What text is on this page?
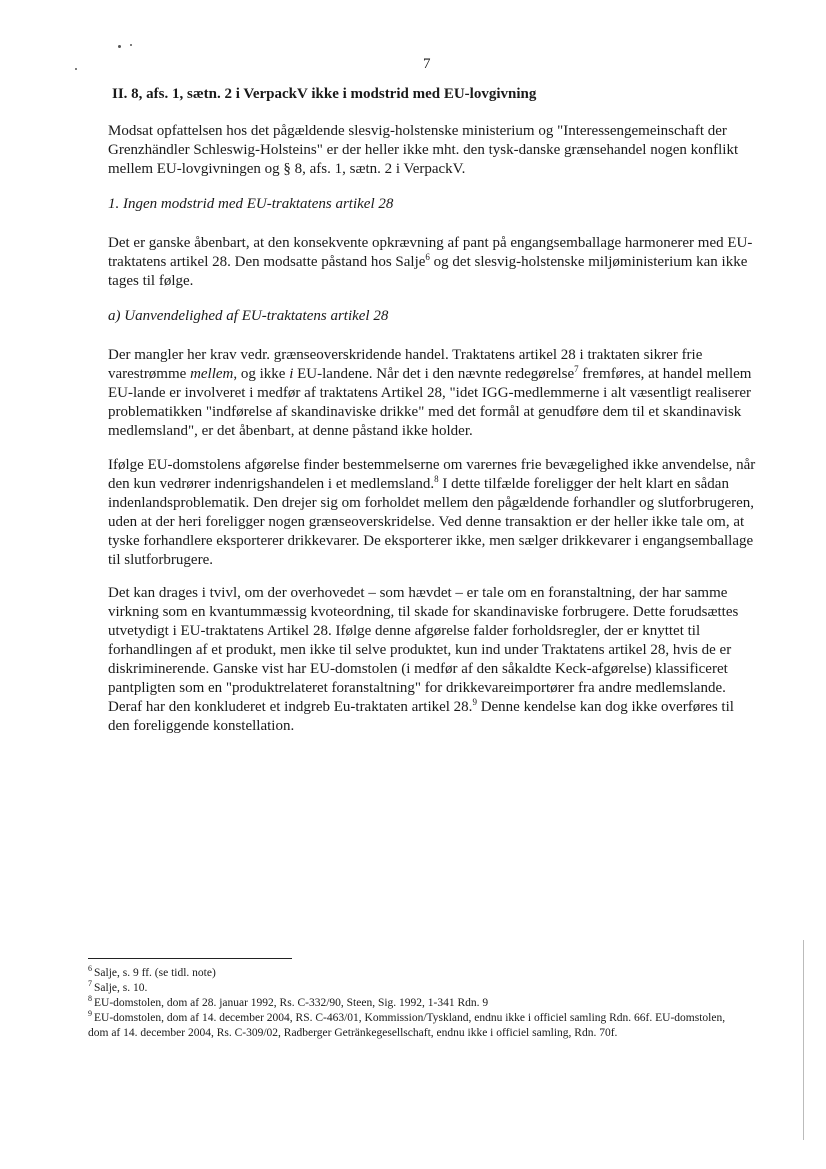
7
II. 8, afs. 1, sætn. 2 i VerpackV ikke i modstrid med EU-lovgivning

Modsat opfattelsen hos det pågældende slesvig-holstenske ministerium og "Interessengemeinschaft der Grenzhändler Schleswig-Holsteins" er der heller ikke mht. den tysk-danske grænsehandel nogen konflikt mellem EU-lovgivningen og § 8, afs. 1, sætn. 2 i VerpackV.

1. Ingen modstrid med EU-traktatens artikel 28

Det er ganske åbenbart, at den konsekvente opkrævning af pant på engangsemballage harmonerer med EU-traktatens artikel 28. Den modsatte påstand hos Salje$^6$ og det slesvig-holstenske miljøministerium kan ikke tages til følge.

a) Uanvendelighed af EU-traktatens artikel 28

Der mangler her krav vedr. grænseoverskridende handel. Traktatens artikel 28 i traktaten sikrer frie varestrømme mellem, og ikke i EU-landene. Når det i den nævnte redegørelse$^7$ fremføres, at handel mellem EU-lande er involveret i medfør af traktatens Artikel 28, "idet IGG-medlemmerne i alt væsentligt realiserer problematikken "indførelse af skandinaviske drikke" med det formål at genudføre dem til et skandinavisk medlemsland", er det åbenbart, at denne påstand ikke holder.

Ifølge EU-domstolens afgørelse finder bestemmelserne om varernes frie bevægelighed ikke anvendelse, når den kun vedrører indenrigshandelen i et medlemsland.$^8$ I dette tilfælde foreligger der helt klart en sådan indenlandsproblematik. Den drejer sig om forholdet mellem den pågældende forhandler og slutforbrugeren, uden at der heri foreligger nogen grænseoverskridelse. Ved denne transaktion er der heller ikke tale om, at tyske forhandlere eksporterer drikkevarer. De eksporterer ikke, men sælger drikkevarer i engangsemballage til slutforbrugere.

Det kan drages i tvivl, om der overhovedet – som hævdet – er tale om en foranstaltning, der har samme virkning som en kvantummæssig kvoteordning, til skade for skandinaviske forbrugere. Dette forudsættes utvetydigt i EU-traktatens Artikel 28. Ifølge denne afgørelse falder forholdsregler, der er knyttet til forhandlingen af et produkt, men ikke til selve produktet, kun ind under Traktatens artikel 28, hvis de er diskriminerende. Ganske vist har EU-domstolen (i medfør af den såkaldte Keck-afgørelse) klassificeret pantpligten som en "produktrelateret foranstaltning" for drikkevareimportører fra andre medlemslande. Deraf har den konkluderet et indgreb Eu-traktaten artikel 28.$^9$ Denne kendelse kan dog ikke overføres til den foreliggende konstellation.

$^6$ Salje, s. 9 ff. (se tidl. note)

$^7$ Salje, s. 10.

$^8$ EU-domstolen, dom af 28. januar 1992, Rs. C-332/90, Steen, Sig. 1992, 1-341 Rdn. 9

$^9$ EU-domstolen, dom af 14. december 2004, RS. C-463/01, Kommission/Tyskland, endnu ikke i officiel samling Rdn. 66f. EU-domstolen, dom af 14. december 2004, Rs. C-309/02, Radberger Getränkegesellschaft, endnu ikke i officiel samling, Rdn. 70f.
